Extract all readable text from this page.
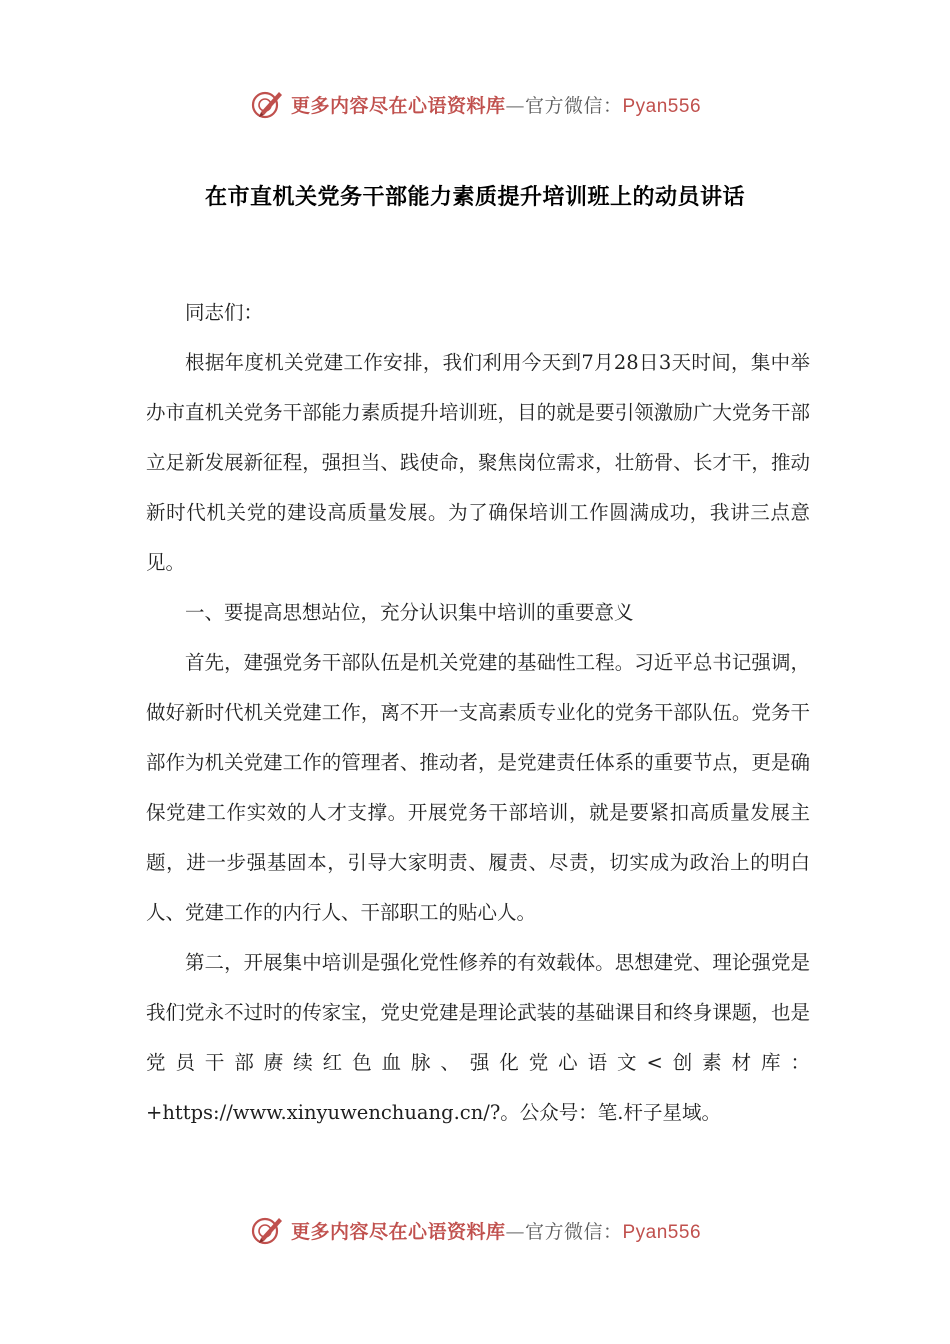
更多内容尽在心语资料库—官方微信：Pyan556
在市直机关党务干部能力素质提升培训班上的动员讲话

同志们：

根据年度机关党建工作安排，我们利用今天到7月28日3天时间，集中举办市直机关党务干部能力素质提升培训班，目的就是要引领激励广大党务干部立足新发展新征程，强担当、践使命，聚焦岗位需求，壮筋骨、长才干，推动新时代机关党的建设高质量发展。为了确保培训工作圆满成功，我讲三点意见。

一、要提高思想站位，充分认识集中培训的重要意义

首先，建强党务干部队伍是机关党建的基础性工程。习近平总书记强调，做好新时代机关党建工作，离不开一支高素质专业化的党务干部队伍。党务干部作为机关党建工作的管理者、推动者，是党建责任体系的重要节点，更是确保党建工作实效的人才支撑。开展党务干部培训，就是要紧扣高质量发展主题，进一步强基固本，引导大家明责、履责、尽责，切实成为政治上的明白人、党建工作的内行人、干部职工的贴心人。

第二，开展集中培训是强化党性修养的有效载体。思想建党、理论强党是我们党永不过时的传家宝，党史党建是理论武装的基础课目和终身课题，也是党员干部赓续红色血脉、强化党心语文<创素材库：+https://www.xinyuwenchuang.cn/?。公众号：笔.杆子星域。

更多内容尽在心语资料库—官方微信：Pyan556
